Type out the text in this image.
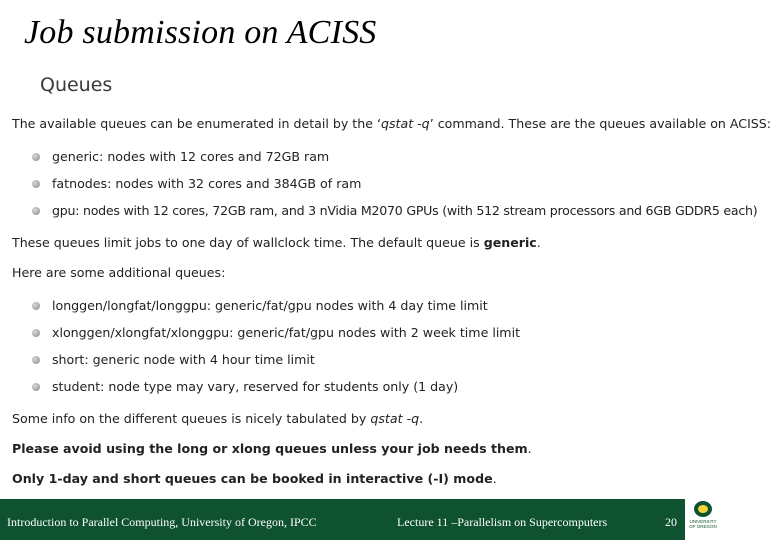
Job submission on ACISS
Queues

The available queues can be enumerated in detail by the ‘qstat -q’ command. These are the queues available on ACISS:

generic: nodes with 12 cores and 72GB ram

fatnodes: nodes with 32 cores and 384GB of ram

gpu: nodes with 12 cores, 72GB ram, and 3 nVidia M2070 GPUs (with 512 stream processors and 6GB GDDR5 each)

These queues limit jobs to one day of wallclock time. The default queue is generic.

Here are some additional queues:

longgen/longfat/longgpu: generic/fat/gpu nodes with 4 day time limit

xlonggen/xlongfat/xlonggpu: generic/fat/gpu nodes with 2 week time limit

short: generic node with 4 hour time limit

student: node type may vary, reserved for students only (1 day)

Some info on the different queues is nicely tabulated by qstat -q.

Please avoid using the long or xlong queues unless your job needs them.

Only 1-day and short queues can be booked in interactive (-I) mode.

Introduction to Parallel Computing, University of Oregon, IPCC	Lecture 11 –Parallelism on Supercomputers	20	UNIVERSITY OF OREGON
